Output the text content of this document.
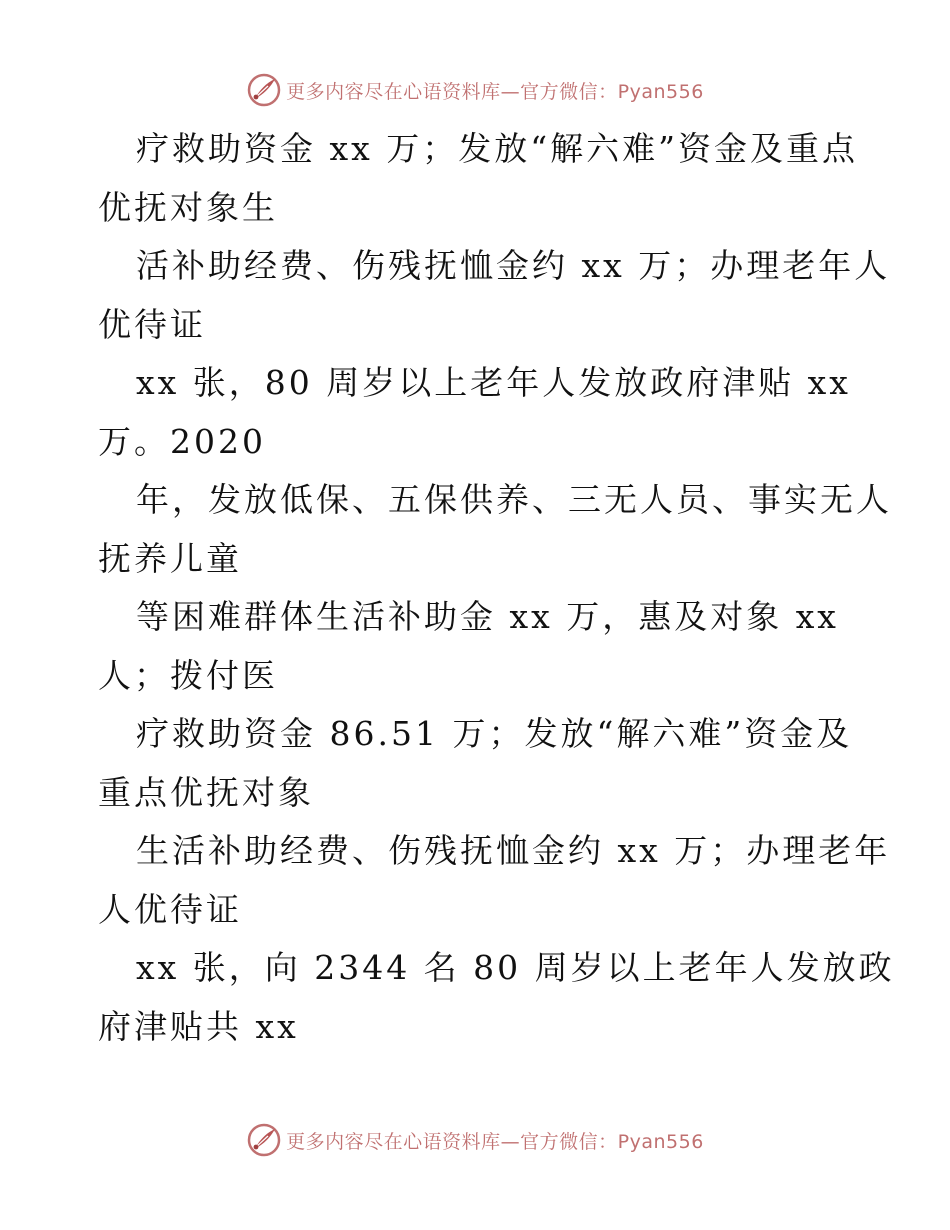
更多内容尽在心语资料库—官方微信：Pyan556
疗救助资金 xx 万；发放“解六难”资金及重点
优抚对象生
活补助经费、伤残抚恤金约 xx 万；办理老年人
优待证
xx 张，80 周岁以上老年人发放政府津贴 xx
万。2020
年，发放低保、五保供养、三无人员、事实无人
抚养儿童
等困难群体生活补助金 xx 万，惠及对象 xx
人；拨付医
疗救助资金 86.51 万；发放“解六难”资金及
重点优抚对象
生活补助经费、伤残抚恤金约 xx 万；办理老年
人优待证
xx 张，向 2344 名 80 周岁以上老年人发放政
府津贴共 xx
更多内容尽在心语资料库—官方微信：Pyan556
